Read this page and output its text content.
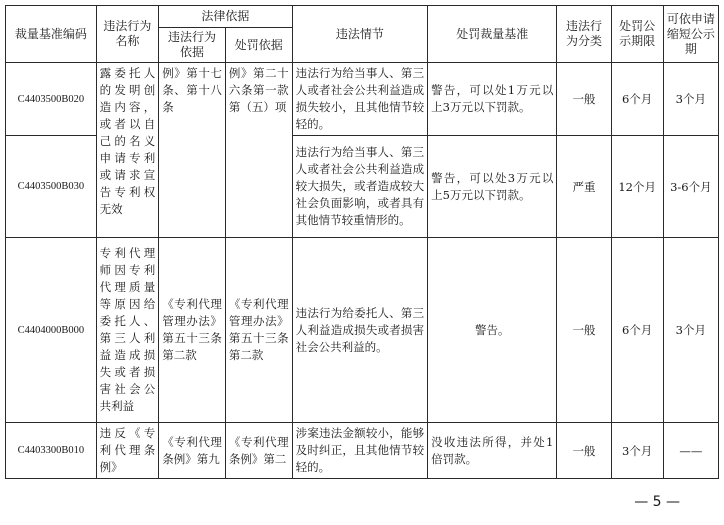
裁量基准编码	违法行为名称	法律依据		违法情节	处罚裁量基准	违法行为分类	处罚公示期限	可依申请缩短公示期
		违法行为依据	处罚依据					
C4403500B020	露委托人的发明创造内容，或者以自己的名义申请专利或请求宣告专利权无效	例》第十七条、第十八条	例》第二十六条第一款第（五）项	违法行为给当事人、第三人或者社会公共利益造成损失较小，且其他情节较轻的。	警告，可以处1万元以上3万元以下罚款。	一般	6个月	3个月
C4403500B030				违法行为给当事人、第三人或者社会公共利益造成较大损失，或者造成较大社会负面影响，或者具有其他情节较重情形的。	警告，可以处3万元以上5万元以下罚款。	严重	12个月	3-6个月
C4404000B000	专利代理师因专利代理质量等原因给委托人、第三人利益造成损失或者损害社会公共利益	《专利代理管理办法》第五十三条第二款	《专利代理管理办法》第五十三条第二款	违法行为给委托人、第三人利益造成损失或者损害社会公共利益的。	警告。	一般	6个月	3个月
C4403300B010	违反《专利代理条例》	《专利代理条例》第九	《专利代理条例》第二	涉案违法金额较小，能够及时纠正，且其他情节较轻的。	没收违法所得，并处1倍罚款。	一般	3个月	——
— 5 —
